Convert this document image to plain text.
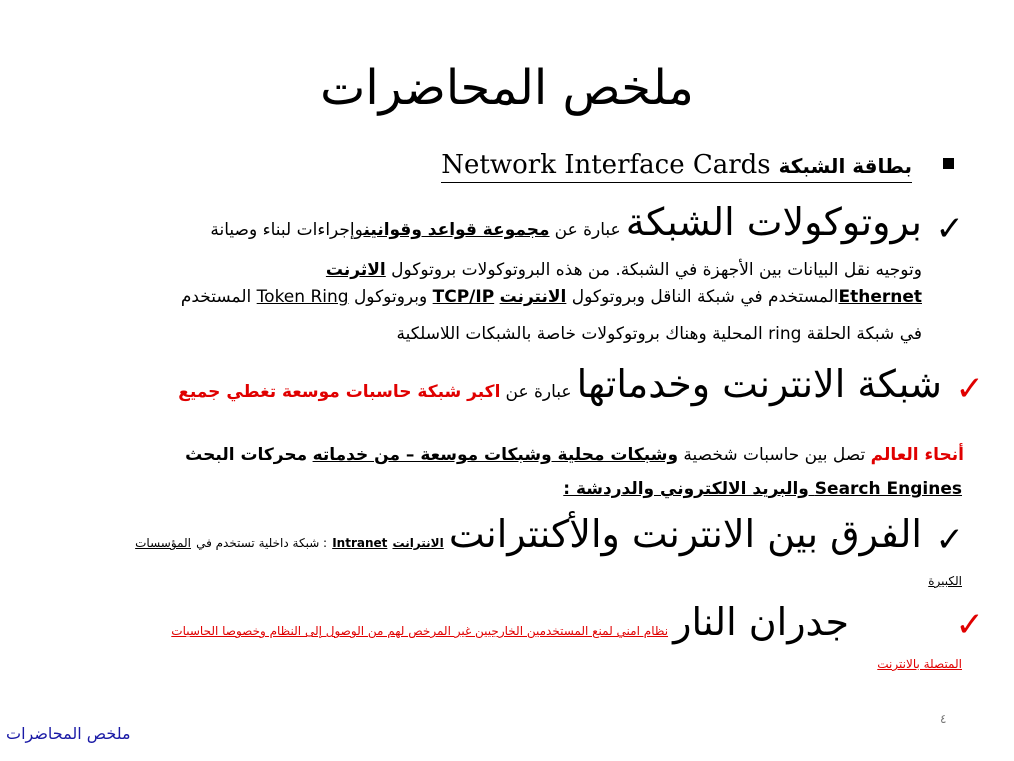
ملخص المحاضرات
Network Interface Cards بطاقة الشبكة
✓
بروتوكولات الشبكة عبارة عن مجموعة قواعد وقوانينوإجراءات لبناء وصيانة
وتوجيه نقل البيانات بين الأجهزة في الشبكة. من هذه البروتوكولات بروتوكول الاثرنت
Ethernetالمستخدم في شبكة الناقل وبروتوكول الانترنت TCP/IP وبروتوكول Token Ring المستخدم
في شبكة الحلقة ring المحلية وهناك بروتوكولات خاصة بالشبكات اللاسلكية
✓
شبكة الانترنت وخدماتها عبارة عن اكبر شبكة حاسبات موسعة تغطي جميع
أنحاء العالم تصل بين حاسبات شخصية وشبكات محلية وشبكات موسعة – من خدماته محركات البحث
Search Engines والبريد الالكتروني والدردشة :
✓
الفرق بين الانترنت والأكنترانت الانترانت Intranet : شبكة داخلية تستخدم في المؤسسات
الكبيرة
✓
جدران النار نظام امني لمنع المستخدمين الخارجيين غير المرخص لهم من الوصول إلى النظام وخصوصا الحاسبات
المتصلة بالانترنت
٤
ملخص المحاضرات
